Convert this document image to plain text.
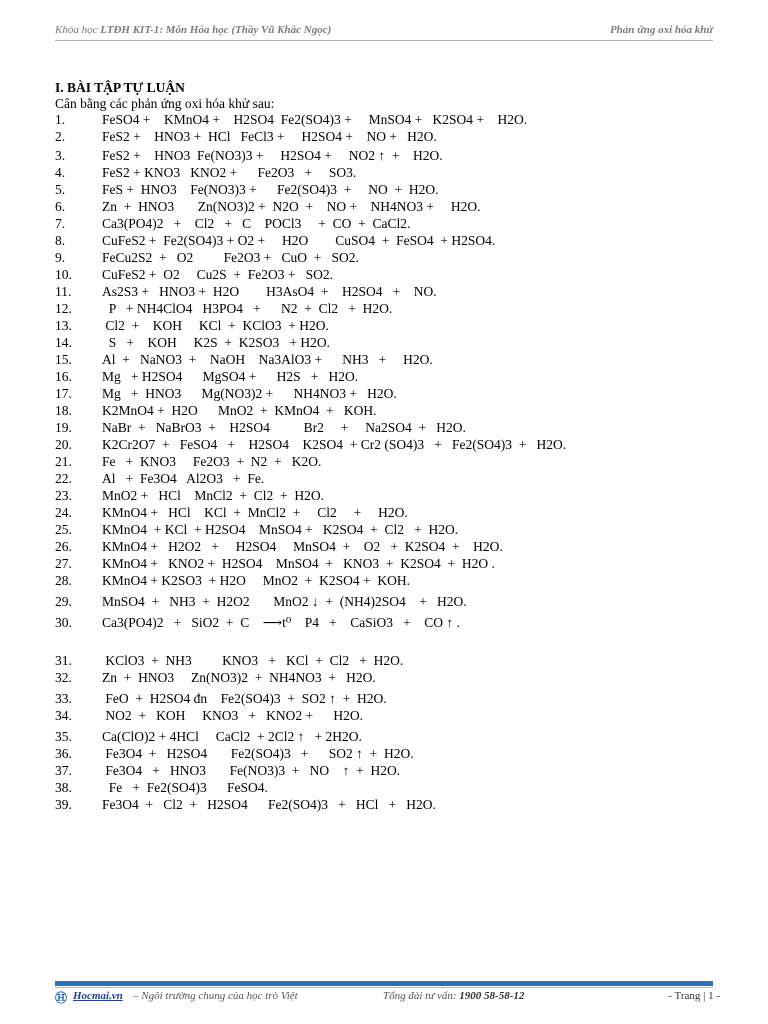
Khóa học LTĐH KIT-1: Môn Hóa học (Thầy Vũ Khắc Ngọc)	Phản ứng oxi hóa khử
I. BÀI TẬP TỰ LUẬN
Cân bằng các phản ứng oxi hóa khử sau:
1.	FeSO4 +    KMnO4 +    H2SO4  Fe2(SO4)3 +     MnSO4 +   K2SO4 +    H2O.
2.	FeS2 +    HNO3 +  HCl   FeCl3 +     H2SO4 +    NO +   H2O.
3.	FeS2 +    HNO3  Fe(NO3)3 +     H2SO4 +     NO2 ↑  +    H2O.
4.	FeS2 + KNO3   KNO2 +      Fe2O3   +     SO3.
5.	FeS +  HNO3    Fe(NO3)3 +      Fe2(SO4)3  +     NO  +  H2O.
6.	Zn  +  HNO3       Zn(NO3)2 +  N2O  +    NO +    NH4NO3 +     H2O.
7.	Ca3(PO4)2   +    Cl2   +   C    POCl3     +  CO  +  CaCl2.
8.	CuFeS2 +  Fe2(SO4)3 + O2 +     H2O        CuSO4  +  FeSO4  + H2SO4.
9.	FeCu2S2  +   O2         Fe2O3 +   CuO  +   SO2.
10. CuFeS2 +  O2     Cu2S  +  Fe2O3 +   SO2.
11. As2S3 +   HNO3 +  H2O        H3AsO4  +    H2SO4   +    NO.
12. P   + NH4ClO4   H3PO4   +      N2  +  Cl2   +  H2O.
13. Cl2  +    KOH     KCl  +  KClO3  + H2O.
14. S   +    KOH     K2S  +  K2SO3   + H2O.
15. Al  +   NaNO3  +    NaOH    Na3AlO3 +      NH3   +     H2O.
16. Mg   + H2SO4      MgSO4 +      H2S   +   H2O.
17. Mg   +  HNO3      Mg(NO3)2 +      NH4NO3 +   H2O.
18. K2MnO4 +  H2O      MnO2  +  KMnO4  +   KOH.
19. NaBr  +   NaBrO3  +    H2SO4          Br2     +     Na2SO4  +   H2O.
20. K2Cr2O7  +   FeSO4   +    H2SO4    K2SO4  + Cr2 (SO4)3   +   Fe2(SO4)3  +   H2O.
21. Fe   +  KNO3     Fe2O3  +  N2  +   K2O.
22. Al   +  Fe3O4   Al2O3   +  Fe.
23. MnO2 +   HCl    MnCl2  +  Cl2  +  H2O.
24. KMnO4 +   HCl    KCl  +  MnCl2  +     Cl2     +     H2O.
25. KMnO4  + KCl  + H2SO4    MnSO4 +   K2SO4  +  Cl2   +  H2O.
26. KMnO4 +   H2O2   +     H2SO4     MnSO4  +    O2   +  K2SO4  +    H2O.
27. KMnO4 +   KNO2 +  H2SO4    MnSO4  +   KNO3  +  K2SO4  +  H2O .
28. KMnO4 + K2SO3  + H2O     MnO2  +  K2SO4 +  KOH.
29. MnSO4  +   NH3  +  H2O2       MnO2 ↓  +  (NH4)2SO4    +   H2O.
30. Ca3(PO4)2   +   SiO2  +  C    ⟶t⁰    P4   +    CaSiO3   +    CO ↑ .
31. KClO3  +  NH3         KNO3   +   KCl  +  Cl2   +  H2O.
32. Zn  +  HNO3     Zn(NO3)2  +  NH4NO3  +   H2O.
33. FeO  +  H2SO4 đn    Fe2(SO4)3  +  SO2 ↑  +  H2O.
34. NO2  +   KOH     KNO3   +   KNO2 +      H2O.
35. Ca(ClO)2 + 4HCl     CaCl2  + 2Cl2 ↑   + 2H2O.
36. Fe3O4  +   H2SO4       Fe2(SO4)3   +      SO2 ↑  +  H2O.
37. Fe3O4   +   HNO3       Fe(NO3)3  +   NO    ↑  +  H2O.
38. Fe   +  Fe2(SO4)3      FeSO4.
39. Fe3O4  +   Cl2  +   H2SO4      Fe2(SO4)3   +   HCl   +   H2O.
Ⓗ Hocmai.vn – Ngôi trường chung của học trò Việt	Tổng đài tư vấn: 1900 58-58-12	- Trang | 1 -
